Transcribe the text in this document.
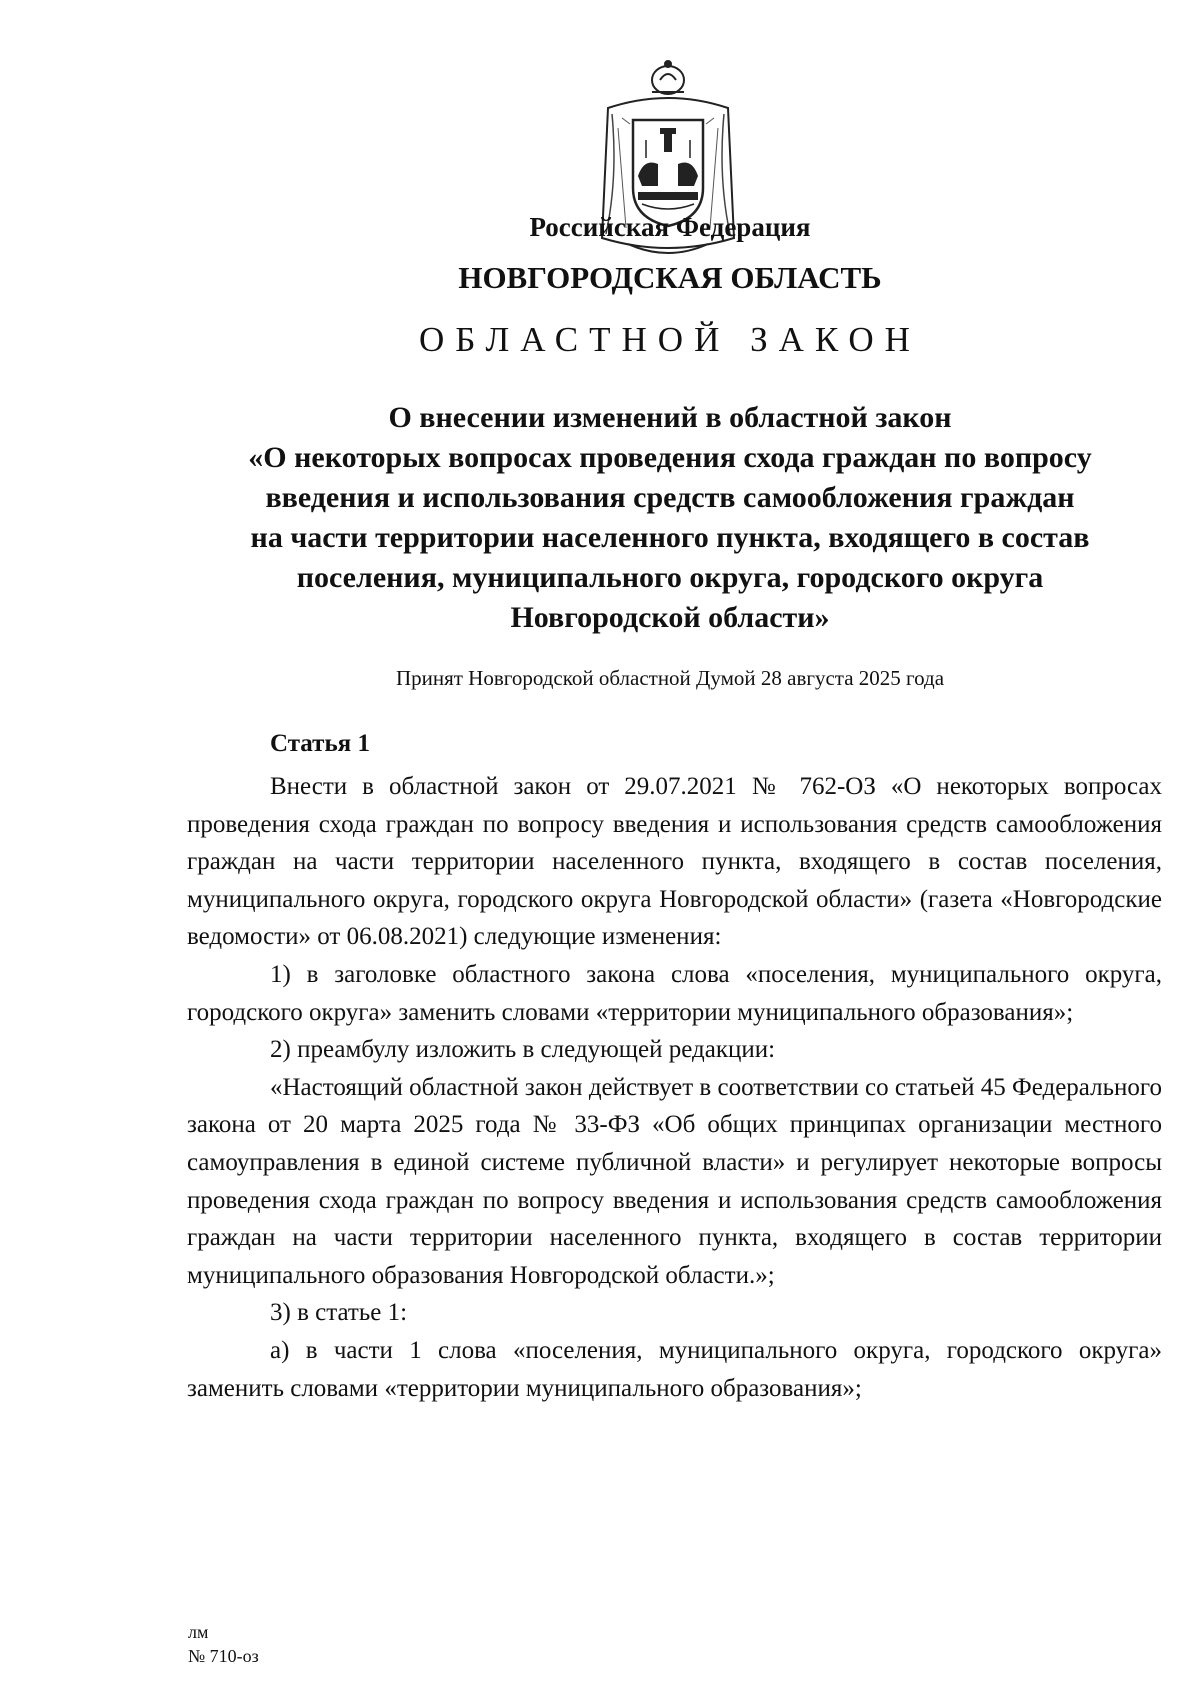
Российская Федерация
НОВГОРОДСКАЯ ОБЛАСТЬ
ОБЛАСТНОЙ ЗАКОН
О внесении изменений в областной закон
«О некоторых вопросах проведения схода граждан по вопросу
введения и использования средств самообложения граждан
на части территории населенного пункта, входящего в состав
поселения, муниципального округа, городского округа
Новгородской области»
Принят Новгородской областной Думой 28 августа 2025 года
Статья 1

Внести в областной закон от 29.07.2021 № 762-ОЗ «О некоторых вопросах проведения схода граждан по вопросу введения и использования средств самообложения граждан на части территории населенного пункта, входящего в состав поселения, муниципального округа, городского округа Новгородской области» (газета «Новгородские ведомости» от 06.08.2021) следующие изменения:

1) в заголовке областного закона слова «поселения, муниципального округа, городского округа» заменить словами «территории муниципального образования»;

2) преамбулу изложить в следующей редакции:

«Настоящий областной закон действует в соответствии со статьей 45 Федерального закона от 20 марта 2025 года № 33-ФЗ «Об общих принципах организации местного самоуправления в единой системе публичной власти» и регулирует некоторые вопросы проведения схода граждан по вопросу введения и использования средств самообложения граждан на части территории населенного пункта, входящего в состав территории муниципального образования Новгородской области.»;

3) в статье 1:

а) в части 1 слова «поселения, муниципального округа, городского округа» заменить словами «территории муниципального образования»;

лм
№ 710-оз
